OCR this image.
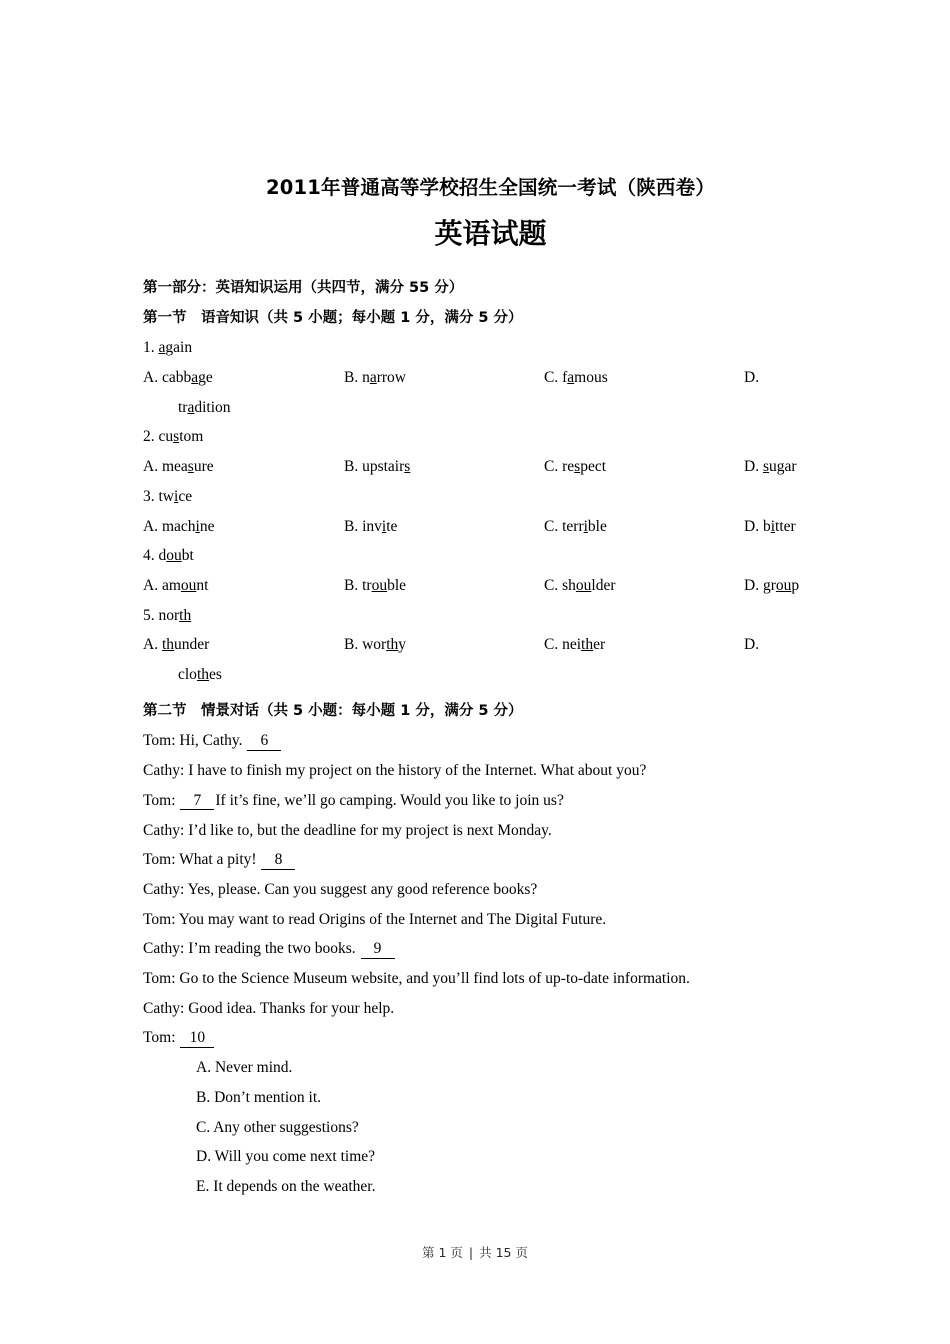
2011年普通高等学校招生全国统一考试（陕西卷）
英语试题
第一部分：英语知识运用（共四节，满分 55 分）
第一节　语音知识（共 5 小题；每小题 1 分，满分 5 分）
1. again
A. cabbage	B. narrow	C. famous	D.
tradition
2. custom
A. measure	B. upstairs	C. respect	D. sugar
3. twice
A. machine	B. invite	C. terrible	D. bitter
4. doubt
A. amount	B. trouble	C. shoulder	D. group
5. north
A. thunder	B. worthy	C. neither	D.
clothes
第二节　情景对话（共 5 小题：每小题 1 分，满分 5 分）
Tom: Hi, Cathy. 6
Cathy: I have to finish my project on the history of the Internet. What about you?
Tom: 7 If it’s fine, we’ll go camping. Would you like to join us?
Cathy: I’d like to, but the deadline for my project is next Monday.
Tom: What a pity! 8
Cathy: Yes, please. Can you suggest any good reference books?
Tom: You may want to read Origins of the Internet and The Digital Future.
Cathy: I’m reading the two books. 9
Tom: Go to the Science Museum website, and you’ll find lots of up-to-date information.
Cathy: Good idea. Thanks for your help.
Tom: 10
A. Never mind.
B. Don’t mention it.
C. Any other suggestions?
D. Will you come next time?
E. It depends on the weather.
第 1 页 | 共 15 页
